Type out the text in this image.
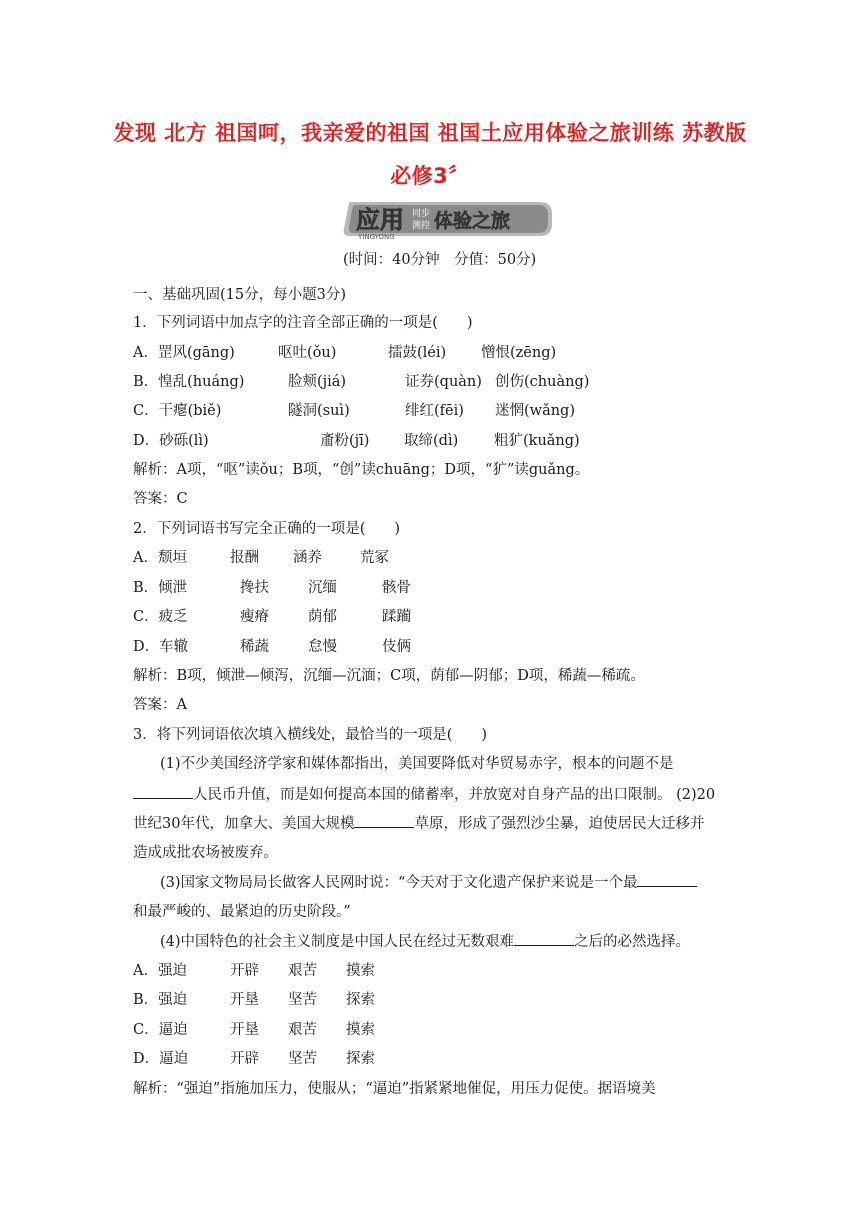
发现 北方 祖国呵，我亲爱的祖国 祖国土应用体验之旅训练 苏教版
必修3〞
应用 同步
测控 体验之旅
YINGYONG
(时间：40分钟　分值：50分)
一、基础巩固(15分，每小题3分)
1．下列词语中加点字的注音全部正确的一项是(　　)
A．罡风(gāng)	呕吐(ǒu)	擂鼓(léi) 憎恨(zēng)
B．惶乱(huáng)	脸颊(jiá)	证券(quàn) 创伤(chuàng)
C．干瘪(biě)	隧洞(suì)	绯红(fēi) 迷惘(wǎng)
D．砂砾(lì)	齑粉(jī) 取缔(dì) 粗犷(kuǎng)
解析：A项，“呕”读ǒu；B项，“创”读chuāng；D项，“犷”读guǎng。
答案：C
2．下列词语书写完全正确的一项是(　　)
A．颓垣	报酬 涵养	荒冢
B．倾泄	搀扶	沉缅	骸骨
C．疲乏	瘦瘠	荫郁	蹂躏
D．车辙	稀蔬	怠慢	伎俩
解析：B项，倾泄—倾泻，沉缅—沉湎；C项，荫郁—阴郁；D项，稀蔬—稀疏。
答案：A
3．将下列词语依次填入横线处，最恰当的一项是(　　)
(1)不少美国经济学家和媒体都指出，美国要降低对华贸易赤字，根本的问题不是
人民币升值，而是如何提高本国的储蓄率，并放宽对自身产品的出口限制。 (2)20
世纪30年代，加拿大、美国大规模	草原，形成了强烈沙尘暴，迫使居民大迁移并
造成成批农场被废弃。
(3)国家文物局局长做客人民网时说：“今天对于文化遗产保护来说是一个最
和最严峻的、最紧迫的历史阶段。”
(4)中国特色的社会主义制度是中国人民在经过无数艰难	之后的必然选择。
A．强迫	开辟 艰苦 摸索
B．强迫	开垦 坚苦 探索
C．逼迫	开垦 艰苦 摸索
D．逼迫	开辟 坚苦 探索
解析：“强迫”指施加压力，使服从；“逼迫”指紧紧地催促，用压力促使。据语境美
